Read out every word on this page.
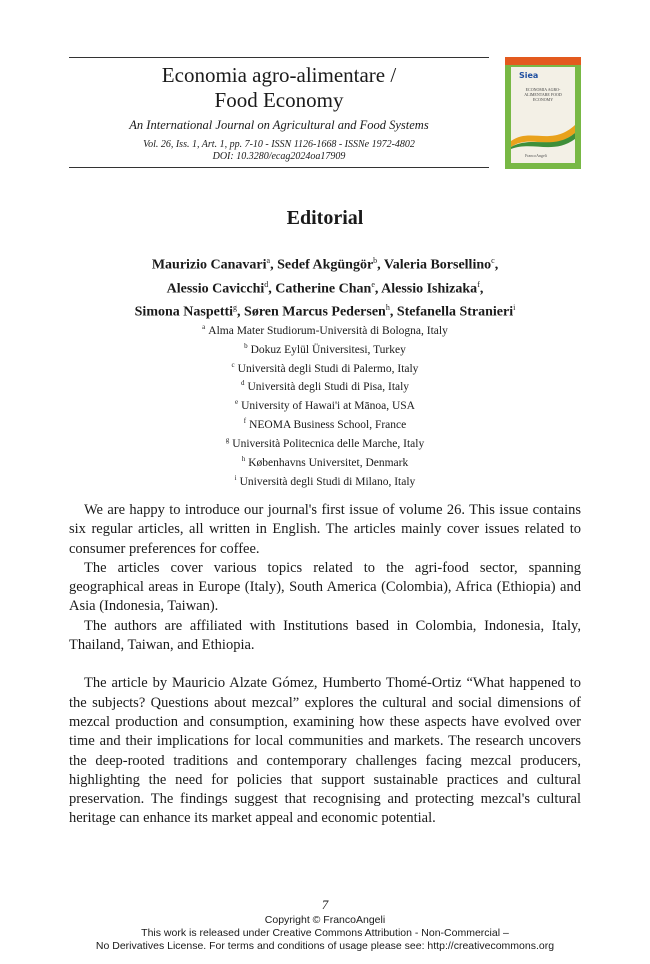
Economia agro-alimentare /
Food Economy
An International Journal on Agricultural and Food Systems
Vol. 26, Iss. 1, Art. 1, pp. 7-10 - ISSN 1126-1668 - ISSNe 1972-4802
DOI: 10.3280/ecag2024oa17909
Siea
ECONOMIA AGRO-ALIMENTARE FOOD ECONOMY
FrancoAngeli
Editorial
Maurizio Canavari$^a$, Sedef Akgüngör$^b$, Valeria Borsellino$^c$,
Alessio Cavicchi$^d$, Catherine Chan$^e$, Alessio Ishizaka$^f$,
Simona Naspetti$^g$, Søren Marcus Pedersen$^h$, Stefanella Stranieri$^i$
$^a$ Alma Mater Studiorum-Università di Bologna, Italy
$^b$ Dokuz Eylül Üniversitesi, Turkey
$^c$ Università degli Studi di Palermo, Italy
$^d$ Università degli Studi di Pisa, Italy
$^e$ University of Hawai'i at Mānoa, USA
$^f$ NEOMA Business School, France
$^g$ Università Politecnica delle Marche, Italy
$^h$ Københavns Universitet, Denmark
$^i$ Università degli Studi di Milano, Italy

We are happy to introduce our journal's first issue of volume 26. This issue contains six regular articles, all written in English. The articles mainly cover issues related to consumer preferences for coffee.

The articles cover various topics related to the agri-food sector, spanning geographical areas in Europe (Italy), South America (Colombia), Africa (Ethiopia) and Asia (Indonesia, Taiwan).

The authors are affiliated with Institutions based in Colombia, Indonesia, Italy, Thailand, Taiwan, and Ethiopia.

The article by Mauricio Alzate Gómez, Humberto Thomé-Ortiz “What happened to the subjects? Questions about mezcal” explores the cultural and social dimensions of mezcal production and consumption, examining how these aspects have evolved over time and their implications for local communities and markets. The research uncovers the deep-rooted traditions and contemporary challenges facing mezcal producers, highlighting the need for policies that support sustainable practices and cultural preservation. The findings suggest that recognising and protecting mezcal's cultural heritage can enhance its market appeal and economic potential.

7
Copyright © FrancoAngeli
This work is released under Creative Commons Attribution - Non-Commercial –
No Derivatives License. For terms and conditions of usage please see: http://creativecommons.org
